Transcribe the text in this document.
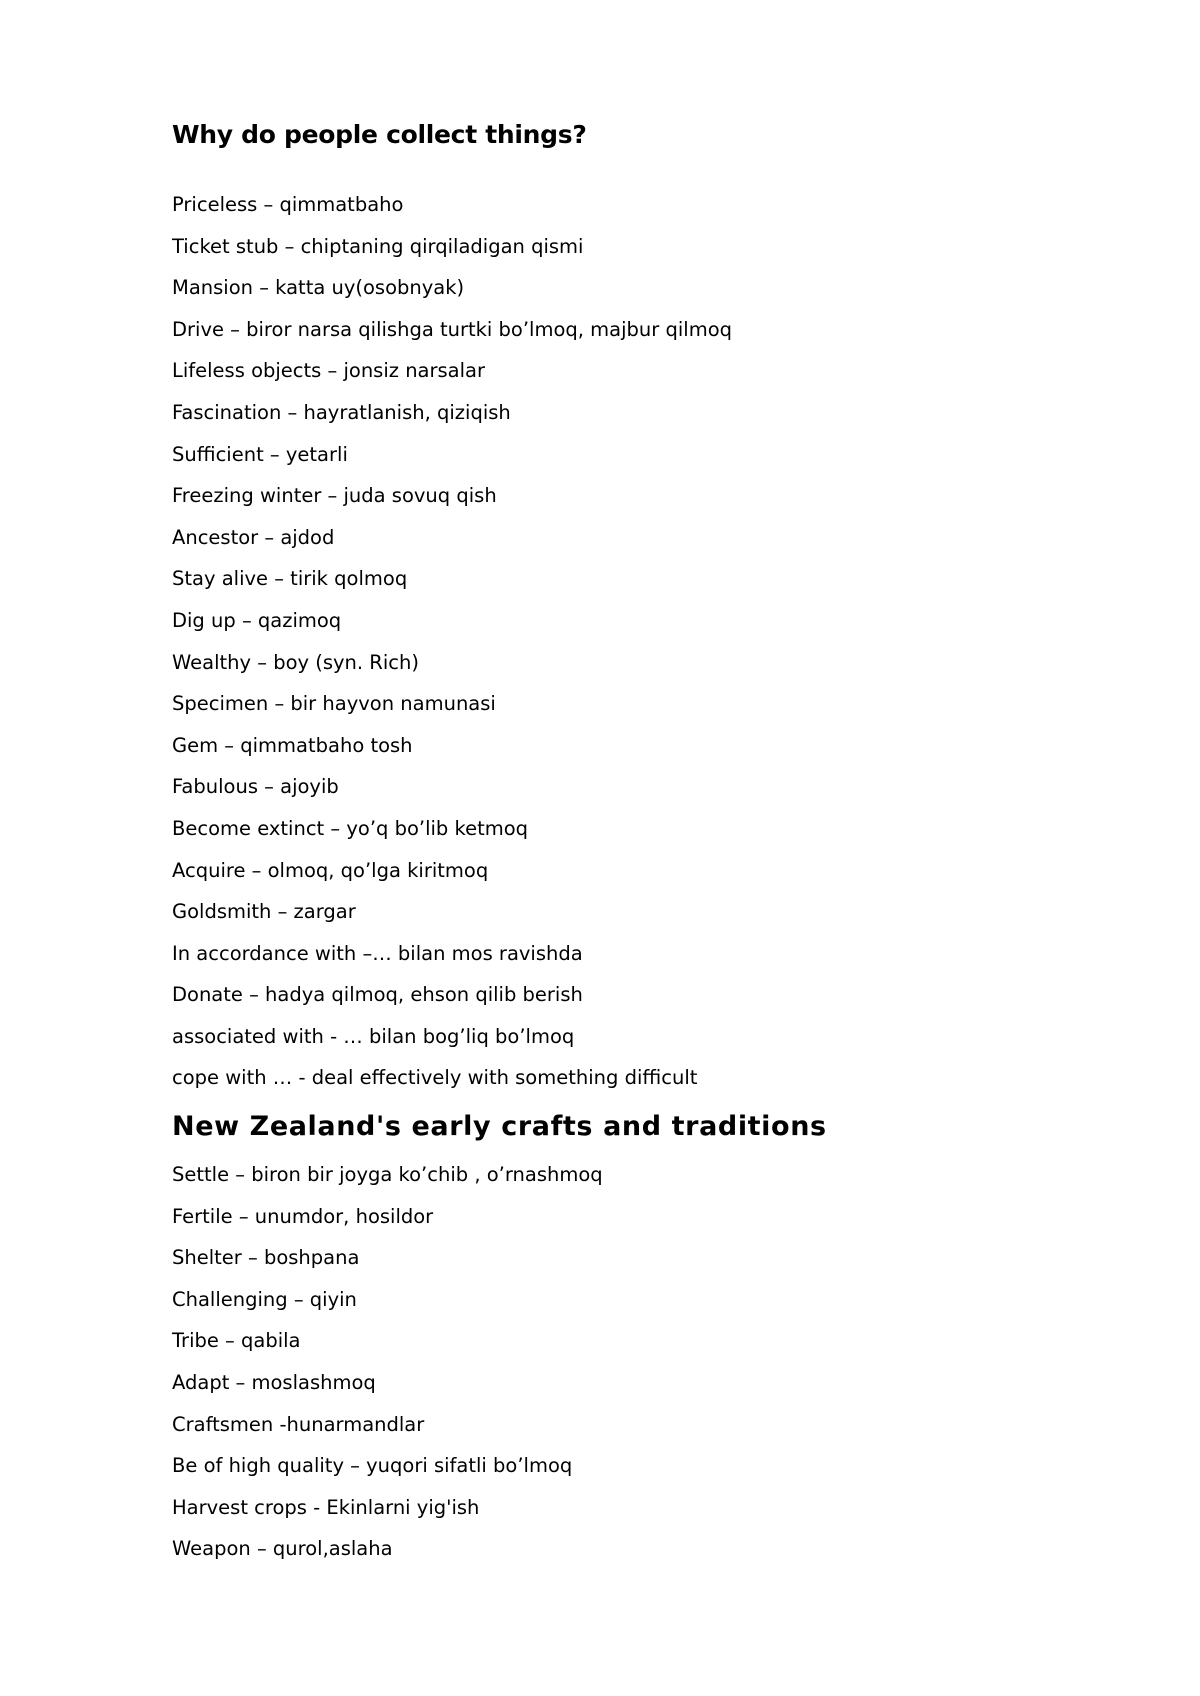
Why do people collect things?
Priceless – qimmatbaho
Ticket stub – chiptaning qirqiladigan qismi
Mansion – katta uy(osobnyak)
Drive – biror narsa qilishga turtki bo’lmoq, majbur qilmoq
Lifeless objects – jonsiz narsalar
Fascination – hayratlanish, qiziqish
Sufficient – yetarli
Freezing winter – juda sovuq qish
Ancestor – ajdod
Stay alive – tirik qolmoq
Dig up – qazimoq
Wealthy – boy (syn. Rich)
Specimen – bir hayvon namunasi
Gem – qimmatbaho tosh
Fabulous – ajoyib
Become extinct – yo’q bo’lib ketmoq
Acquire – olmoq, qo’lga kiritmoq
Goldsmith – zargar
In accordance with –… bilan mos ravishda
Donate – hadya qilmoq, ehson qilib berish
associated with - … bilan bog’liq bo’lmoq
cope with … - deal effectively with something difficult
New Zealand's early crafts and traditions
Settle – biron bir joyga ko’chib , o’rnashmoq
Fertile – unumdor, hosildor
Shelter – boshpana
Challenging – qiyin
Tribe – qabila
Adapt – moslashmoq
Craftsmen -hunarmandlar
Be of high quality – yuqori sifatli bo’lmoq
Harvest crops - Ekinlarni yig'ish
Weapon – qurol,aslaha
